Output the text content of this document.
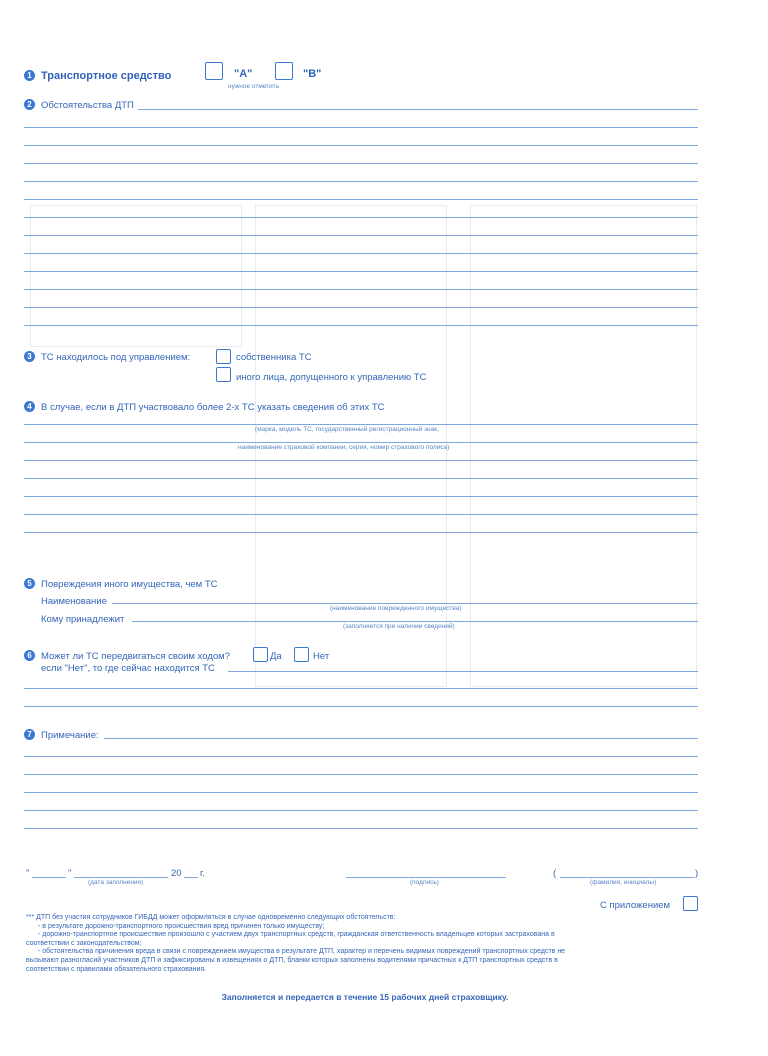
1 Транспортное средство	"A"	"B"
нужное отметить
2 Обстоятельства ДТП
3 ТС находилось под управлением:	собственника ТС
иного лица, допущенного к управлению ТС
4 В случае, если в ДТП участвовало более 2-х ТС указать сведения об этих ТС
(марка, модель ТС, государственный регистрационный знак,
наименование страховой компании, серия, номер страхового полиса)
5 Повреждения иного имущества, чем ТС
Наименование
(наименование поврежденного имущества)
Кому принадлежит
(заполняется при наличии сведений)
6 Может ли ТС передвигаться своим ходом?	Да	Нет
если "Нет", то где сейчас находится ТС
7 Примечание:
"	"	20 г.
(дата заполнения)	(подпись)
(	)
(фамилия, инициалы)
С приложением
*** ДТП без участия сотрудников ГИБДД может оформляться в случае одновременно следующих обстоятельств:
- в результате дорожно-транспортного происшествия вред причинен только имуществу;
- дорожно-транспортное происшествие произошло с участием двух транспортных средств, гражданская ответственность владельцев которых застрахована в
соответствии с законодательством;
- обстоятельства причинения вреда в связи с повреждением имущества в результате ДТП, характер и перечень видимых повреждений транспортных средств не
вызывают разногласий участников ДТП и зафиксированы в извещениях о ДТП, бланки которых заполнены водителями причастных к ДТП транспортных средств в
соответствии с правилами обязательного страхования.
Заполняется и передается в течение 15 рабочих дней страховщику.
